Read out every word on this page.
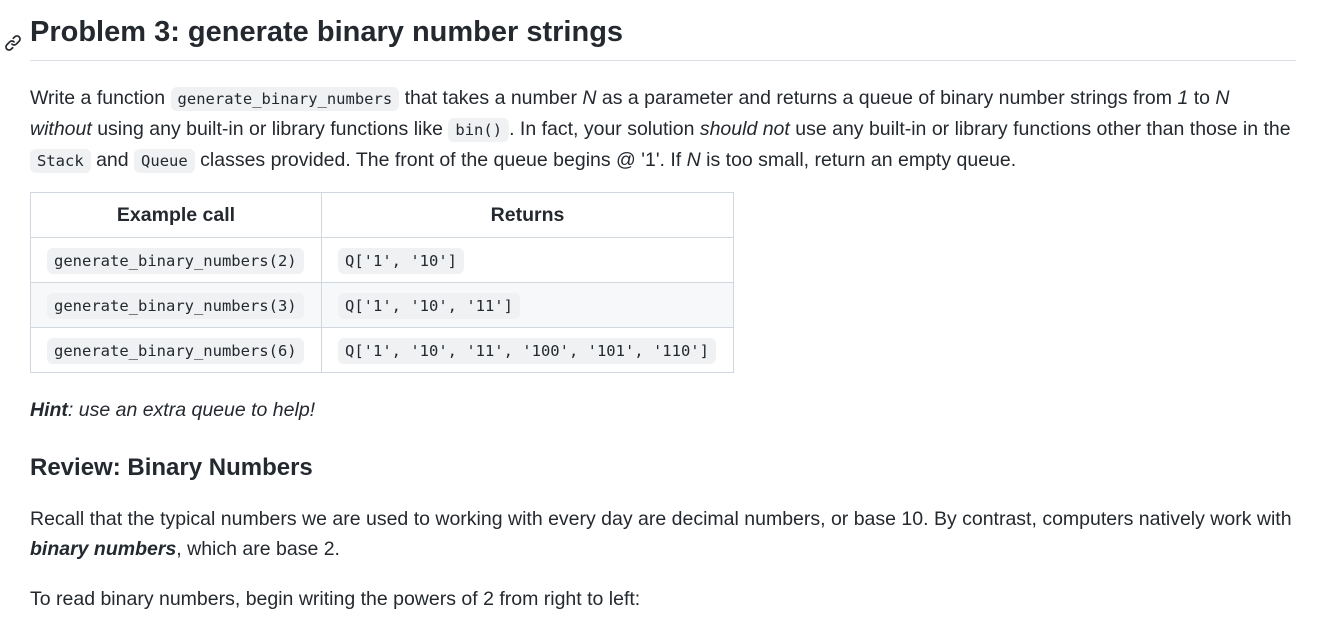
Problem 3: generate binary number strings

Write a function generate_binary_numbers that takes a number N as a parameter and returns a queue of binary number strings from 1 to N without using any built-in or library functions like bin() . In fact, your solution should not use any built-in or library functions other than those in the Stack and Queue classes provided. The front of the queue begins @ '1'. If N is too small, return an empty queue.

Example call	Returns
generate_binary_numbers(2)	Q['1', '10']
generate_binary_numbers(3)	Q['1', '10', '11']
generate_binary_numbers(6)	Q['1', '10', '11', '100', '101', '110']

Hint: use an extra queue to help!

Review: Binary Numbers

Recall that the typical numbers we are used to working with every day are decimal numbers, or base 10. By contrast, computers natively work with binary numbers, which are base 2.

To read binary numbers, begin writing the powers of 2 from right to left:
